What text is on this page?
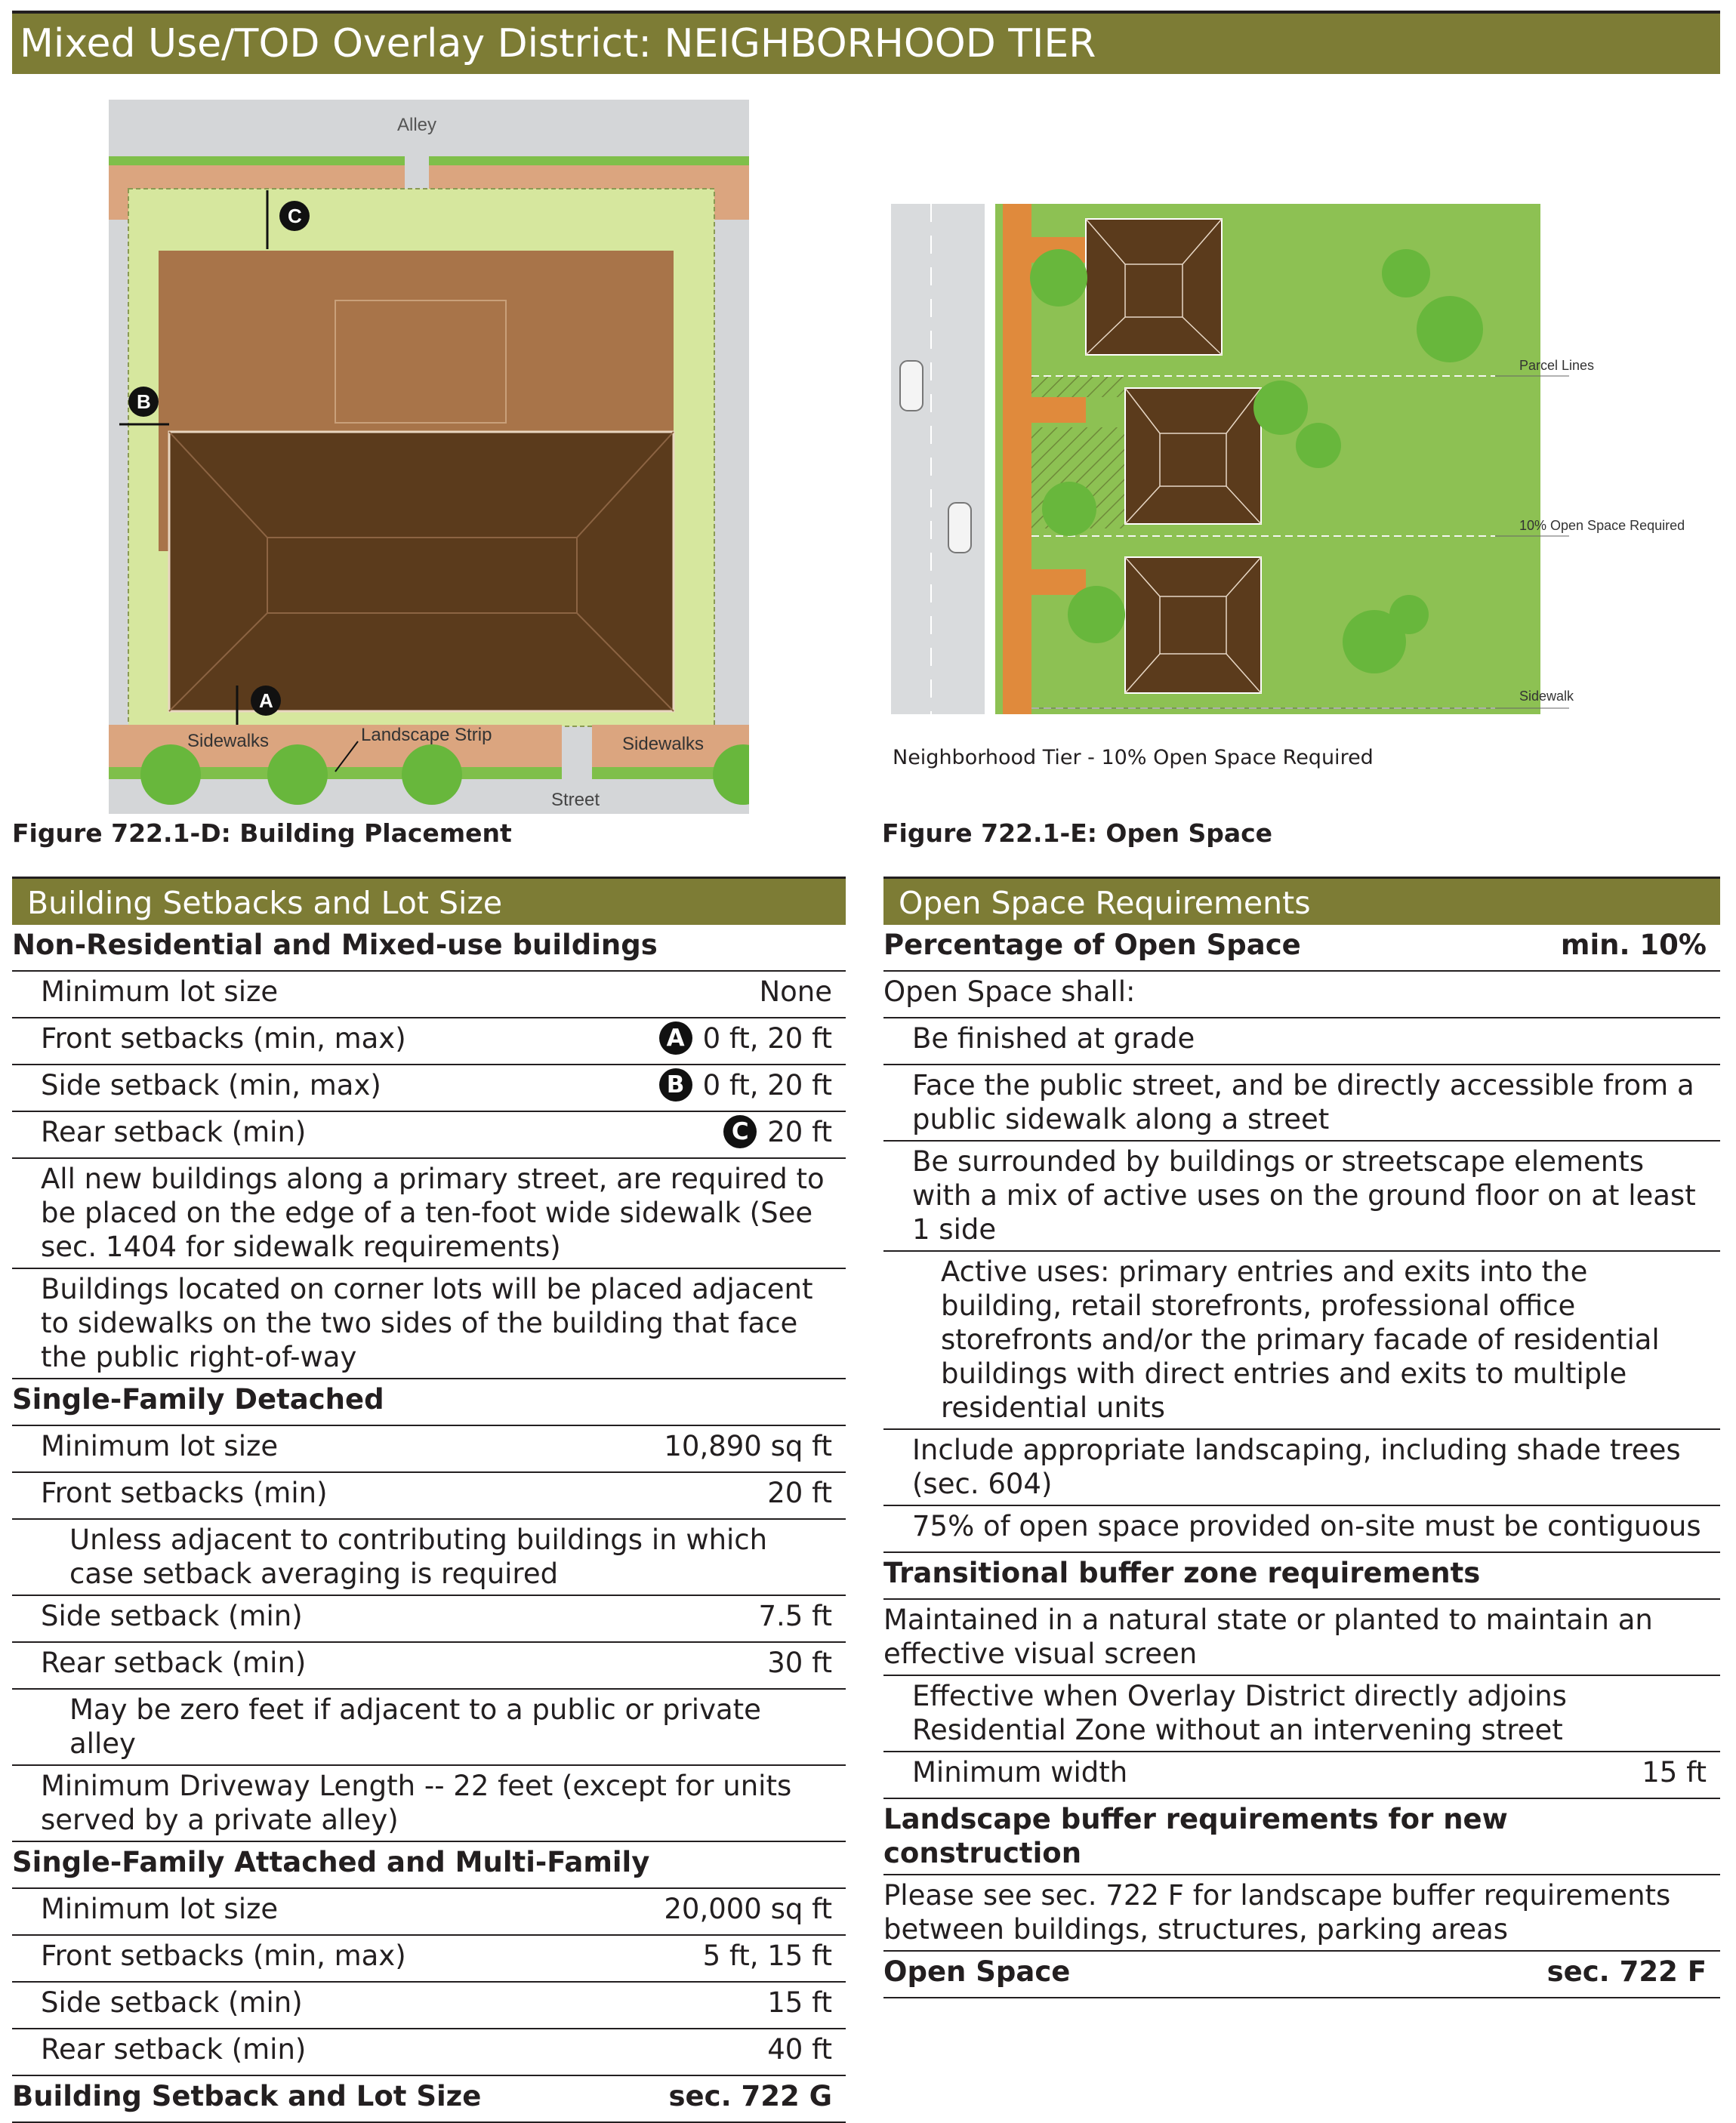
Mixed Use/TOD Overlay District: NEIGHBORHOOD TIER
Alley
C
B
A
Sidewalks	Landscape Strip	Sidewalks
Street
Figure 722.1-D: Building Placement
Parcel Lines
10% Open Space Required
Sidewalk
Neighborhood Tier - 10% Open Space Required
Figure 722.1-E: Open Space
Building Setbacks and Lot Size
Non-Residential and Mixed-use buildings
Minimum lot size	None
Front setbacks (min, max)	A 0 ft, 20 ft
Side setback (min, max)	B 0 ft, 20 ft
Rear setback (min)	C 20 ft
All new buildings along a primary street, are required to be placed on the edge of a ten-foot wide sidewalk (See sec. 1404 for sidewalk requirements)
Buildings located on corner lots will be placed adjacent to sidewalks on the two sides of the building that face the public right-of-way
Single-Family Detached
Minimum lot size	10,890 sq ft
Front setbacks (min)	20 ft
Unless adjacent to contributing buildings in which case setback averaging is required
Side setback (min)	7.5 ft
Rear setback (min)	30 ft
May be zero feet if adjacent to a public or private alley
Minimum Driveway Length -- 22 feet (except for units served by a private alley)
Single-Family Attached and Multi-Family
Minimum lot size	20,000 sq ft
Front setbacks (min, max)	5 ft, 15 ft
Side setback (min)	15 ft
Rear setback (min)	40 ft
Building Setback and Lot Size	sec. 722 G
Open Space Requirements
Percentage of Open Space	min. 10%
Open Space shall:
Be finished at grade
Face the public street, and be directly accessible from a public sidewalk along a street
Be surrounded by buildings or streetscape elements with a mix of active uses on the ground floor on at least 1 side
Active uses: primary entries and exits into the building, retail storefronts, professional office storefronts and/or the primary facade of residential buildings with direct entries and exits to multiple residential units
Include appropriate landscaping, including shade trees (sec. 604)
75% of open space provided on-site must be contiguous
Transitional buffer zone requirements
Maintained in a natural state or planted to maintain an effective visual screen
Effective when Overlay District directly adjoins Residential Zone without an intervening street
Minimum width	15 ft
Landscape buffer requirements for new construction
Please see sec. 722 F for landscape buffer requirements between buildings, structures, parking areas
Open Space	sec. 722 F
